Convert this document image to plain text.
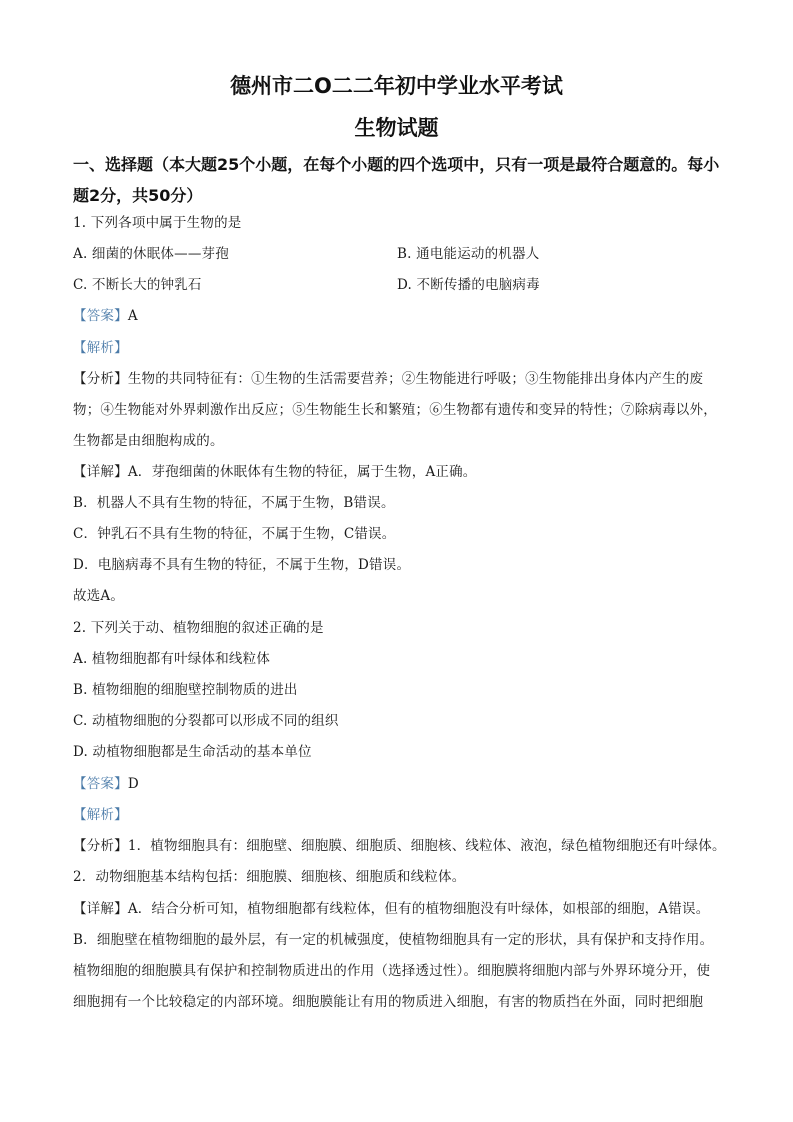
德州市二O二二年初中学业水平考试
生物试题
一、选择题（本大题25个小题，在每个小题的四个选项中，只有一项是最符合题意的。每小
题2分，共50分）
1. 下列各项中属于生物的是
A. 细菌的休眠体——芽孢	B. 通电能运动的机器人
C. 不断长大的钟乳石	D. 不断传播的电脑病毒
【答案】A
【解析】
【分析】生物的共同特征有：①生物的生活需要营养；②生物能进行呼吸；③生物能排出身体内产生的废
物；④生物能对外界刺激作出反应；⑤生物能生长和繁殖；⑥生物都有遗传和变异的特性；⑦除病毒以外，
生物都是由细胞构成的。
【详解】A．芽孢细菌的休眠体有生物的特征，属于生物，A正确。
B．机器人不具有生物的特征，不属于生物，B错误。
C．钟乳石不具有生物的特征，不属于生物，C错误。
D．电脑病毒不具有生物的特征，不属于生物，D错误。
故选A。
2. 下列关于动、植物细胞的叙述正确的是
A. 植物细胞都有叶绿体和线粒体
B. 植物细胞的细胞壁控制物质的进出
C. 动植物细胞的分裂都可以形成不同的组织
D. 动植物细胞都是生命活动的基本单位
【答案】D
【解析】
【分析】1．植物细胞具有：细胞壁、细胞膜、细胞质、细胞核、线粒体、液泡，绿色植物细胞还有叶绿体。
2．动物细胞基本结构包括：细胞膜、细胞核、细胞质和线粒体。
【详解】A．结合分析可知，植物细胞都有线粒体，但有的植物细胞没有叶绿体，如根部的细胞，A错误。
B．细胞壁在植物细胞的最外层，有一定的机械强度，使植物细胞具有一定的形状，具有保护和支持作用。
植物细胞的细胞膜具有保护和控制物质进出的作用（选择透过性）。细胞膜将细胞内部与外界环境分开，使
细胞拥有一个比较稳定的内部环境。细胞膜能让有用的物质进入细胞，有害的物质挡在外面，同时把细胞
